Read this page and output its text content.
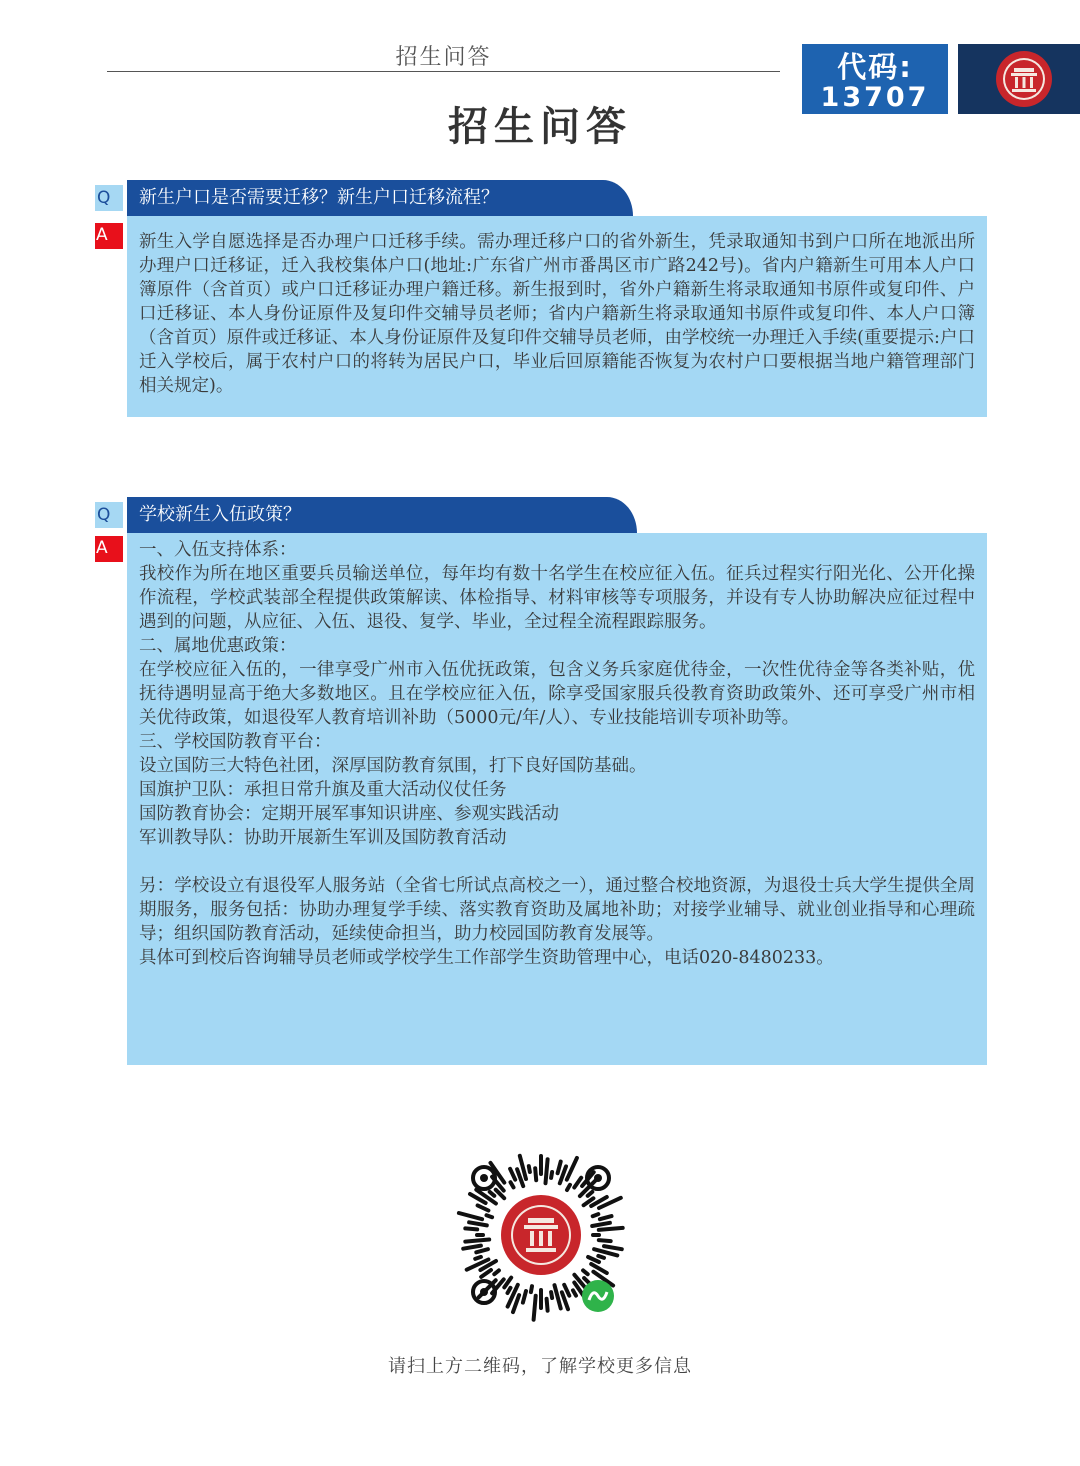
招生问答	代码:
13707
招生问答
Q	新生户口是否需要迁移？新生户口迁移流程？
A	新生入学自愿选择是否办理户口迁移手续。需办理迁移户口的省外新生，凭录取通知书到户口所在地派出所办理户口迁移证，迁入我校集体户口(地址:广东省广州市番禺区市广路242号)。省内户籍新生可用本人户口簿原件（含首页）或户口迁移证办理户籍迁移。新生报到时，省外户籍新生将录取通知书原件或复印件、户口迁移证、本人身份证原件及复印件交辅导员老师；省内户籍新生将录取通知书原件或复印件、本人户口簿（含首页）原件或迁移证、本人身份证原件及复印件交辅导员老师，由学校统一办理迁入手续(重要提示:户口迁入学校后，属于农村户口的将转为居民户口，毕业后回原籍能否恢复为农村户口要根据当地户籍管理部门相关规定)。

Q	学校新生入伍政策？
A	一、入伍支持体系：

我校作为所在地区重要兵员输送单位，每年均有数十名学生在校应征入伍。征兵过程实行阳光化、公开化操作流程，学校武装部全程提供政策解读、体检指导、材料审核等专项服务，并设有专人协助解决应征过程中遇到的问题，从应征、入伍、退役、复学、毕业，全过程全流程跟踪服务。

二、属地优惠政策：

在学校应征入伍的，一律享受广州市入伍优抚政策，包含义务兵家庭优待金，一次性优待金等各类补贴，优抚待遇明显高于绝大多数地区。且在学校应征入伍，除享受国家服兵役教育资助政策外、还可享受广州市相关优待政策，如退役军人教育培训补助（5000元/年/人）、专业技能培训专项补助等。

三、学校国防教育平台：

设立国防三大特色社团，深厚国防教育氛围，打下良好国防基础。

国旗护卫队：承担日常升旗及重大活动仪仗任务

国防教育协会：定期开展军事知识讲座、参观实践活动

军训教导队：协助开展新生军训及国防教育活动

另：学校设立有退役军人服务站（全省七所试点高校之一），通过整合校地资源，为退役士兵大学生提供全周期服务，服务包括：协助办理复学手续、落实教育资助及属地补助；对接学业辅导、就业创业指导和心理疏导；组织国防教育活动，延续使命担当，助力校园国防教育发展等。

具体可到校后咨询辅导员老师或学校学生工作部学生资助管理中心，电话020-8480233。

请扫上方二维码，了解学校更多信息
